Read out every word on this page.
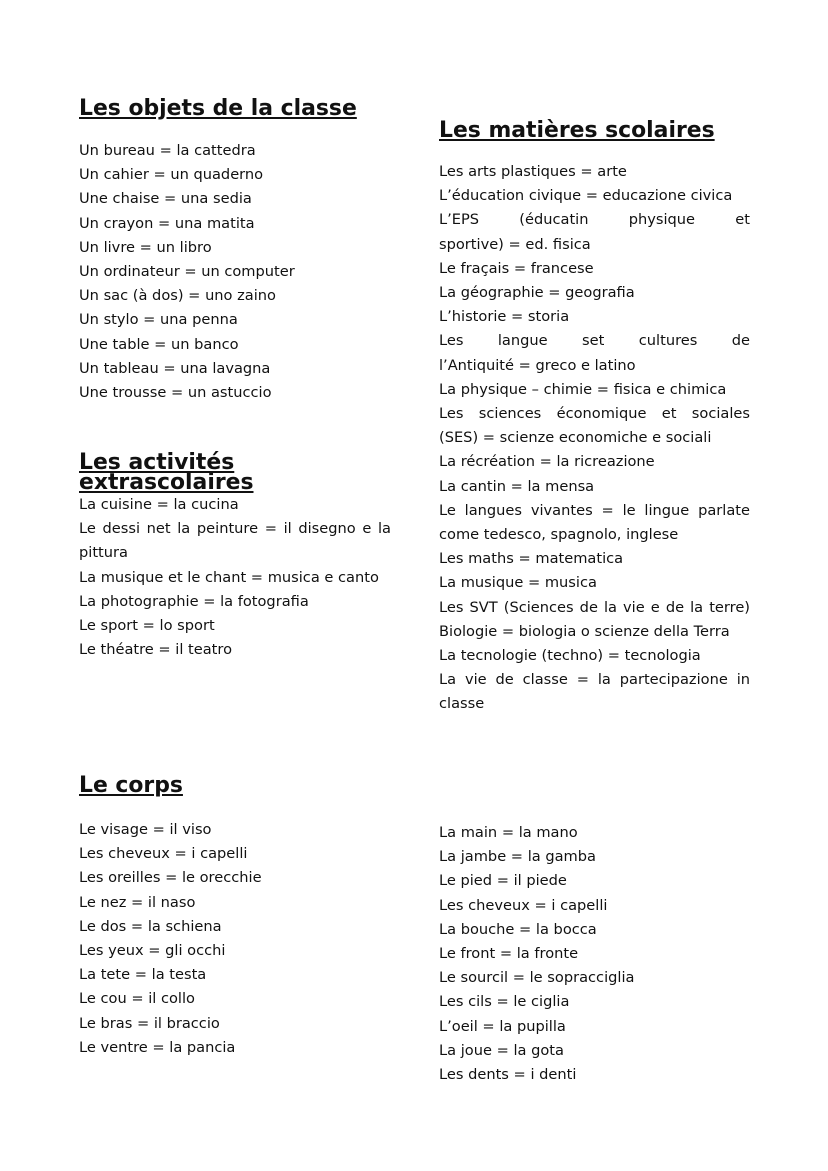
Les objets de la classe
Un bureau = la cattedra
Un cahier = un quaderno
Une chaise = una sedia
Un crayon = una matita
Un livre = un libro
Un ordinateur = un computer
Un sac (à dos) = uno zaino
Un stylo = una penna
Une table = un banco
Un tableau = una lavagna
Une trousse = un astuccio
Les matières scolaires
Les arts plastiques = arte
L’éducation civique = educazione civica
L’EPS (éducatin physique et sportive) = ed. fisica
Le fraçais = francese
La géographie = geografia
L’historie = storia
Les langue set cultures de l’Antiquité = greco e latino
La physique – chimie = fisica e chimica
Les sciences économique et sociales (SES) = scienze economiche e sociali
La récréation = la ricreazione
La cantin = la mensa
Le langues vivantes = le lingue parlate come tedesco, spagnolo, inglese
Les maths = matematica
La musique = musica
Les SVT (Sciences de la vie e de la terre) Biologie = biologia o scienze della Terra
La tecnologie (techno) = tecnologia
La vie de classe = la partecipazione in classe
Les activités extrascolaires
La cuisine = la cucina
Le dessi net la peinture = il disegno e la pittura
La musique et le chant = musica e canto
La photographie = la fotografia
Le sport = lo sport
Le théatre = il teatro
Le corps
Le visage = il viso
Les cheveux = i capelli
Les oreilles = le orecchie
Le nez = il naso
Le dos = la schiena
Les yeux = gli occhi
La tete = la testa
Le cou = il collo
Le bras = il braccio
Le ventre = la pancia
La main = la mano
La jambe = la gamba
Le pied = il piede
Les cheveux = i capelli
La bouche = la bocca
Le front = la fronte
Le sourcil = le sopracciglia
Les cils = le ciglia
L’oeil = la pupilla
La joue = la gota
Les dents = i denti
